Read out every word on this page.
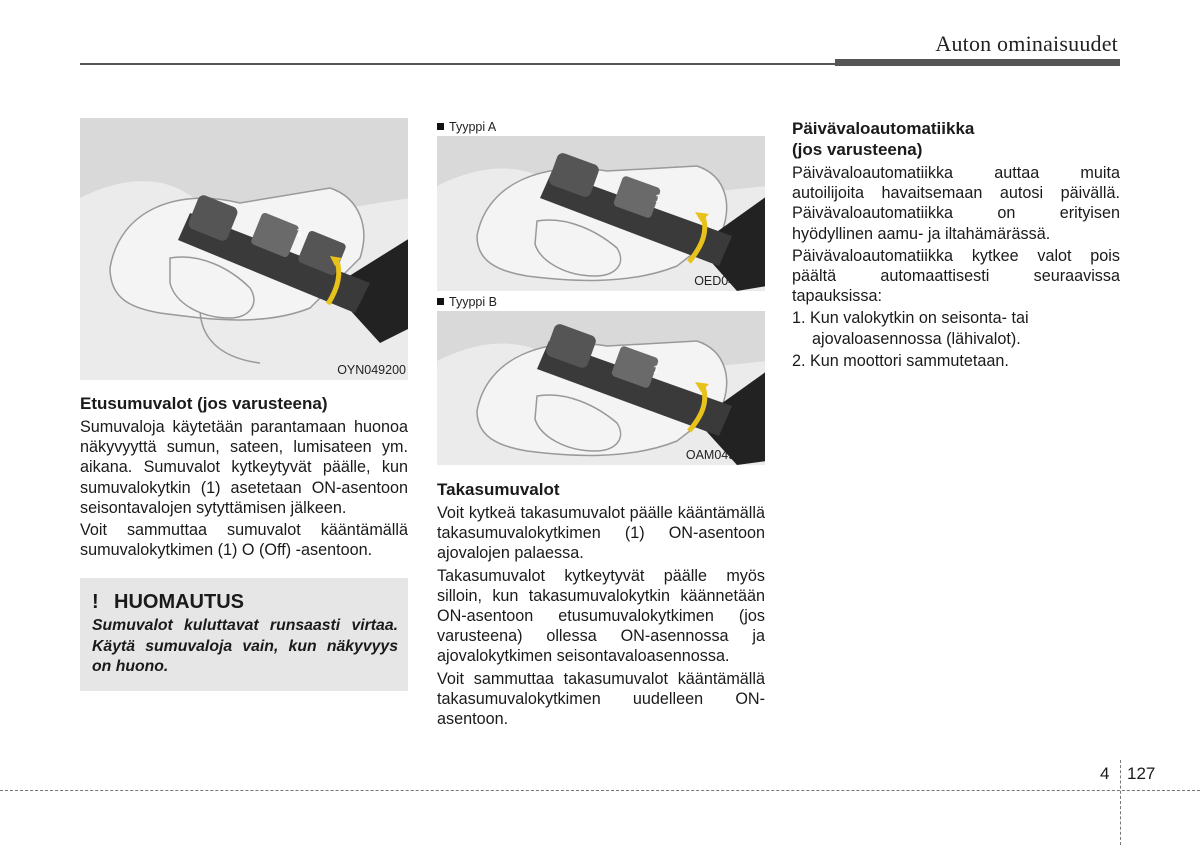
Auton ominaisuudet
1
OYN049200
Etusumuvalot (jos varusteena)

Sumuvaloja käytetään parantamaan huonoa näkyvyyttä sumun, sateen, lumisateen ym. aikana. Sumuvalot kytkeytyvät päälle, kun sumuvalokytkin (1) asetetaan ON-asentoon seisontavalojen sytyttämisen jälkeen.

Voit sammuttaa sumuvalot kääntämällä sumuvalokytkimen (1) O (Off) -asentoon.

! HUOMAUTUS
Sumuvalot kuluttavat runsaasti virtaa. Käytä sumuvaloja vain, kun näkyvyys on huono.
Tyyppi A
1
OED040806
Tyyppi B
1
OAM049046L
Takasumuvalot

Voit kytkeä takasumuvalot päälle kääntämällä takasumuvalokytkimen (1) ON-asentoon ajovalojen palaessa.

Takasumuvalot kytkeytyvät päälle myös silloin, kun takasumuvalokytkin käännetään ON-asentoon etusumuvalokytkimen (jos varusteena) ollessa ON-asennossa ja ajovalokytkimen seisontavaloasennossa.

Voit sammuttaa takasumuvalot kääntämällä takasumuvalokytkimen uudelleen ON-asentoon.

Päivävaloautomatiikka
(jos varusteena)

Päivävaloautomatiikka auttaa muita autoilijoita havaitsemaan autosi päivällä. Päivävaloautomatiikka on erityisen hyödyllinen aamu- ja iltahämärässä.

Päivävaloautomatiikka kytkee valot pois päältä automaattisesti seuraavissa tapauksissa:

1. Kun valokytkin on seisonta- tai ajovaloasennossa (lähivalot).
2. Kun moottori sammutetaan.
4 127
